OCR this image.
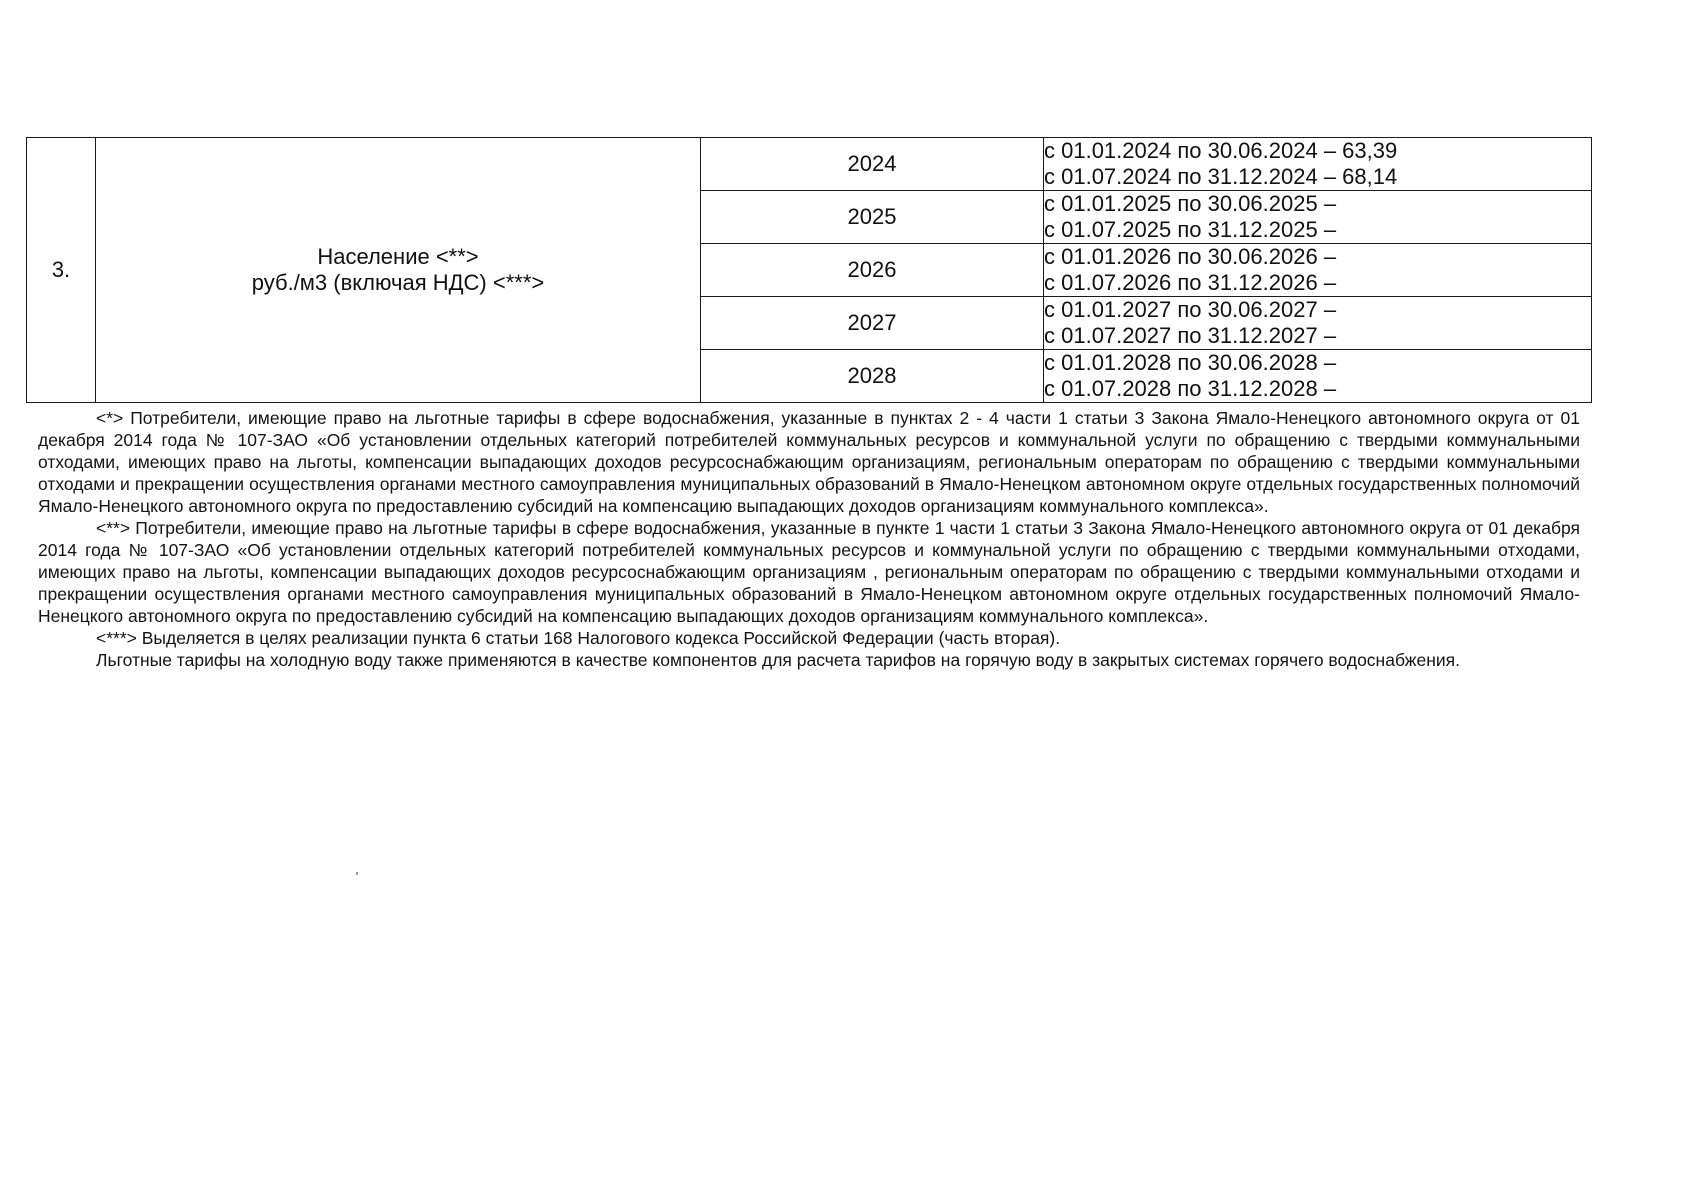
3.	Население <**>
руб./м3 (включая НДС) <***>	2024	с 01.01.2024 по 30.06.2024 – 63,39
с 01.07.2024 по 31.12.2024 – 68,14

		2025	с 01.01.2025 по 30.06.2025 –
с 01.07.2025 по 31.12.2025 –

		2026	с 01.01.2026 по 30.06.2026 –
с 01.07.2026 по 31.12.2026 –

		2027	с 01.01.2027 по 30.06.2027 –
с 01.07.2027 по 31.12.2027 –

		2028	с 01.01.2028 по 30.06.2028 –
с 01.07.2028 по 31.12.2028 –

<*> Потребители, имеющие право на льготные тарифы в сфере водоснабжения, указанные в пунктах 2 - 4 части 1 статьи 3 Закона Ямало-Ненецкого автономного округа от 01 декабря 2014 года № 107-ЗАО «Об установлении отдельных категорий потребителей коммунальных ресурсов и коммунальной услуги по обращению с твердыми коммунальными отходами, имеющих право на льготы, компенсации выпадающих доходов ресурсоснабжающим организациям, региональным операторам по обращению с твердыми коммунальными отходами и прекращении осуществления органами местного самоуправления муниципальных образований в Ямало-Ненецком автономном округе отдельных государственных полномочий Ямало-Ненецкого автономного округа по предоставлению субсидий на компенсацию выпадающих доходов организациям коммунального комплекса».

<**> Потребители, имеющие право на льготные тарифы в сфере водоснабжения, указанные в пункте 1 части 1 статьи 3 Закона Ямало-Ненецкого автономного округа от 01 декабря 2014 года № 107-ЗАО «Об установлении отдельных категорий потребителей коммунальных ресурсов и коммунальной услуги по обращению с твердыми коммунальными отходами, имеющих право на льготы, компенсации выпадающих доходов ресурсоснабжающим организациям , региональным операторам по обращению с твердыми коммунальными отходами и прекращении осуществления органами местного самоуправления муниципальных образований в Ямало-Ненецком автономном округе отдельных государственных полномочий Ямало-Ненецкого автономного округа по предоставлению субсидий на компенсацию выпадающих доходов организациям коммунального комплекса».

<***> Выделяется в целях реализации пункта 6 статьи 168 Налогового кодекса Российской Федерации (часть вторая).

Льготные тарифы на холодную воду также применяются в качестве компонентов для расчета тарифов на горячую воду в закрытых системах горячего водоснабжения.
